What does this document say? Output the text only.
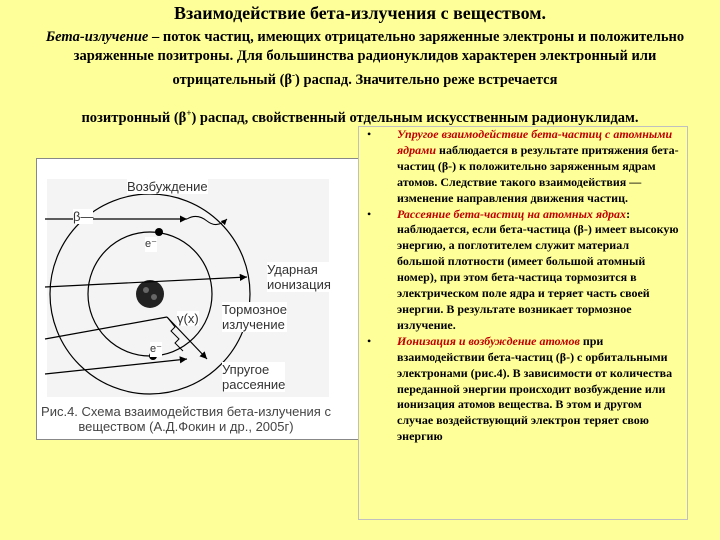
Взаимодействие бета-излучения с веществом.
Бета-излучение – поток частиц, имеющих отрицательно заряженные электроны и положительно заряженные позитроны. Для большинства радионуклидов характерен электронный или отрицательный (β-) распад. Значительно реже встречается
позитронный (β+) распад, свойственный отдельным искусственным радионуклидам.
Возбуждение
β—
e⁻
Ударная
ионизация
Тормозное
излучение
γ(x)
e⁻
Упругое
рассеяние
Рис.4. Схема взаимодействия бета-излучения с веществом (А.Д.Фокин и др., 2005г)
• Упругое взаимодействие бета-частиц с атомными ядрами наблюдается в результате притяжения бета-частиц (β-) к положительно заряженным ядрам атомов. Следствие такого взаимодействия — изменение направления движения частиц.
• Рассеяние бета-частиц на атомных ядрах: наблюдается, если бета-частица (β-) имеет высокую энергию, а поглотителем служит материал большой плотности (имеет большой атомный номер), при этом бета-частица тормозится в электрическом поле ядра и теряет часть своей энергии. В результате возникает тормозное излучение.
• Ионизация и возбуждение атомов при взаимодействии бета-частиц (β-) с орбитальными электронами (рис.4). В зависимости от количества переданной энергии происходит возбуждение или ионизация атомов вещества. В этом и другом случае воздействующий электрон теряет свою энергию
